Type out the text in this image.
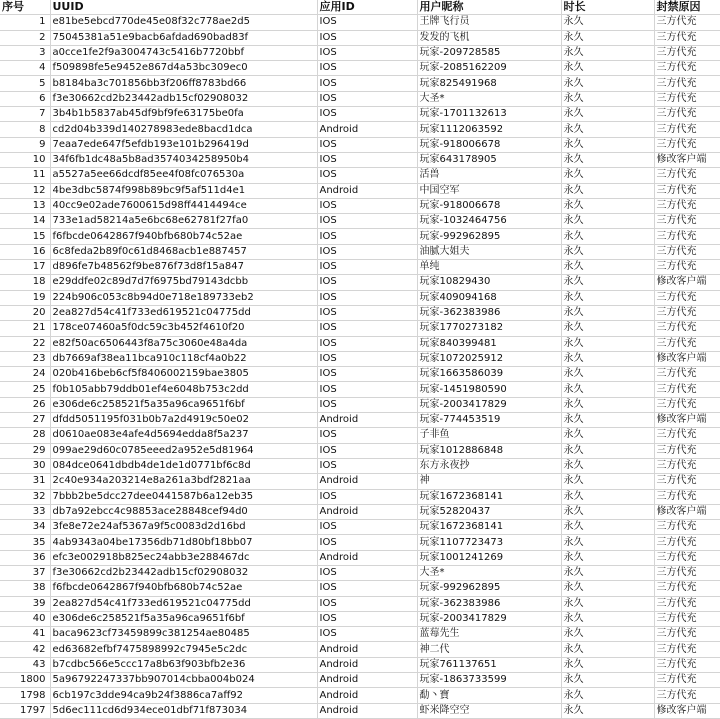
序号	UUID	应用ID	用户昵称	时长	封禁原因
1	e81be5ebcd770de45e08f32c778ae2d5	IOS	王牌飞行员	永久	三方代充
2	75045381a51e9bacb6afdad690bad83f	IOS	发发的飞机	永久	三方代充
3	a0cce1fe2f9a3004743c5416b7720bbf	IOS	玩家-209728585	永久	三方代充
4	f509898fe5e9452e867d4a53bc309ec0	IOS	玩家-2085162209	永久	三方代充
5	b8184ba3c701856bb3f206ff8783bd66	IOS	玩家825491968	永久	三方代充
6	f3e30662cd2b23442adb15cf02908032	IOS	大圣*	永久	三方代充
7	3b4b1b5837ab45df9bf9fe63175be0fa	IOS	玩家-1701132613	永久	三方代充
8	cd2d04b339d140278983ede8bacd1dca	Android	玩家1112063592	永久	三方代充
9	7eaa7ede647f5efdb193e101b296419d	IOS	玩家-918006678	永久	三方代充
10	34f6fb1dc48a5b8ad3574034258950b4	IOS	玩家643178905	永久	修改客户端
11	a5527a5ee66dcdf85ee4f08fc076530a	IOS	活兽	永久	三方代充
12	4be3dbc5874f998b89bc9f5af511d4e1	Android	中国空军	永久	三方代充
13	40cc9e02ade7600615d98ff4414494ce	IOS	玩家-918006678	永久	三方代充
14	733e1ad58214a5e6bc68e62781f27fa0	IOS	玩家-1032464756	永久	三方代充
15	f6fbcde0642867f940bfb680b74c52ae	IOS	玩家-992962895	永久	三方代充
16	6c8feda2b89f0c61d8468acb1e887457	IOS	油腻大姐夫	永久	三方代充
17	d896fe7b48562f9be876f73d8f15a847	IOS	单纯	永久	三方代充
18	e29ddfe02c89d7d7f6975bd79143dcbb	IOS	玩家10829430	永久	修改客户端
19	224b906c053c8b94d0e718e189733eb2	IOS	玩家409094168	永久	三方代充
20	2ea827d54c41f733ed619521c04775dd	IOS	玩家-362383986	永久	三方代充
21	178ce07460a5f0dc59c3b452f4610f20	IOS	玩家1770273182	永久	三方代充
22	e82f50ac6506443f8a75c3060e48a4da	IOS	玩家840399481	永久	三方代充
23	db7669af38ea11bca910c118cf4a0b22	IOS	玩家1072025912	永久	修改客户端
24	020b416beb6cf5f8406002159bae3805	IOS	玩家1663586039	永久	三方代充
25	f0b105abb79ddb01ef4e6048b753c2dd	IOS	玩家-1451980590	永久	三方代充
26	e306de6c258521f5a35a96ca9651f6bf	IOS	玩家-2003417829	永久	三方代充
27	dfdd5051195f031b0b7a2d4919c50e02	Android	玩家-774453519	永久	修改客户端
28	d0610ae083e4afe4d5694edda8f5a237	IOS	子非鱼	永久	三方代充
29	099ae29d60c0785eeed2a952e5d81964	IOS	玩家1012886848	永久	三方代充
30	084dce0641dbdb4de1de1d0771bf6c8d	IOS	东方永夜抄	永久	三方代充
31	2c40e934a203214e8a261a3bdf2821aa	Android	神	永久	三方代充
32	7bbb2be5dcc27dee0441587b6a12eb35	IOS	玩家1672368141	永久	三方代充
33	db7a92ebcc4c98853ace28848cef94d0	Android	玩家52820437	永久	修改客户端
34	3fe8e72e24af5367a9f5c0083d2d16bd	IOS	玩家1672368141	永久	三方代充
35	4ab9343a04be17356db71d80bf18bb07	IOS	玩家1107723473	永久	三方代充
36	efc3e002918b825ec24abb3e288467dc	Android	玩家1001241269	永久	三方代充
37	f3e30662cd2b23442adb15cf02908032	IOS	大圣*	永久	三方代充
38	f6fbcde0642867f940bfb680b74c52ae	IOS	玩家-992962895	永久	三方代充
39	2ea827d54c41f733ed619521c04775dd	IOS	玩家-362383986	永久	三方代充
40	e306de6c258521f5a35a96ca9651f6bf	IOS	玩家-2003417829	永久	三方代充
41	baca9623cf73459899c381254ae80485	IOS	蓝莓先生	永久	三方代充
42	ed63682efbf7475898992c7945e5c2dc	Android	神二代	永久	三方代充
43	b7cdbc566e5ccc17a8b63f903bfb2e36	Android	玩家761137651	永久	三方代充
1800	5a96792247337bb907014cbba004b024	Android	玩家-1863733599	永久	三方代充
1798	6cb197c3dde94ca9b24f3886ca7aff92	Android	勫丶寶	永久	三方代充
1797	5d6ec111cd6d934ece01dbf71f873034	Android	虾米降空空	永久	修改客户端
